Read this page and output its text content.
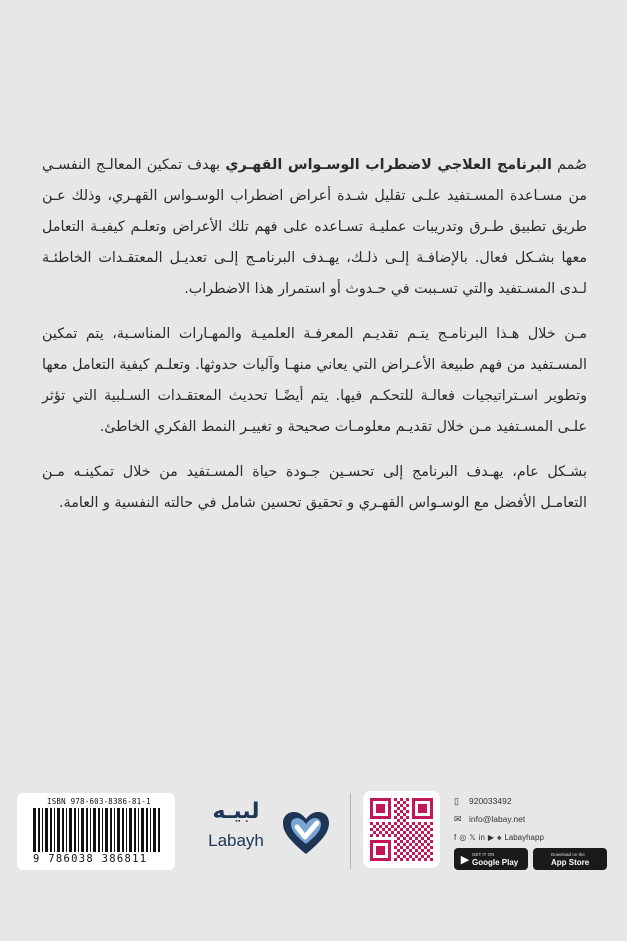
صُمم البرنامج العلاجي لاضطراب الوسـواس القهـري بهدف تمكين المعالـج النفسـي من مسـاعدة المسـتفيد علـى تقليل شـدة أعراض اضطراب الوسـواس القهـري، وذلك عـن طريق تطبيق طـرق وتدريبات عمليـة تسـاعده على فهم تلك الأعراض وتعلـم كيفيـة التعامل معها بشـكل فعال. بالإضافـة إلـى ذلـك، يهـدف البرنامـج إلـى تعديـل المعتقـدات الخاطئـة لـدى المسـتفيد والتي تسـببت في حـدوث أو استمرار هذا الاضطراب.

مـن خلال هـذا البرنامـج يتـم تقديـم المعرفـة العلميـة والمهـارات المناسـبة، يتم تمكين المسـتفيد من فهم طبيعة الأعـراض التي يعاني منهـا وآليات حدوثها. وتعلـم كيفية التعامل معها وتطوير اسـتراتيجيات فعالـة للتحكـم فيها. يتم أيضًـا تحديث المعتقـدات السـلبية التي تؤثر علـى المسـتفيد مـن خلال تقديـم معلومـات صحيحة و تغييـر النمط الفكري الخاطئ.

بشـكل عام، يهـدف البرنامج إلى تحسـين جـودة حياة المسـتفيد من خلال تمكينـه مـن التعامـل الأفضل مع الوسـواس القهـري و تحقيق تحسين شامل في حالته النفسية و العامة.

ISBN 978-603-8386-81-1
9 786038 386811
لبيـه
Labayh
▯	920033492
✉ info@labay.net
f ◎ 𝕏 in ▶ ♠ Labayhapp
▶ GET IT ON
Google Play
Download on the
App Store
